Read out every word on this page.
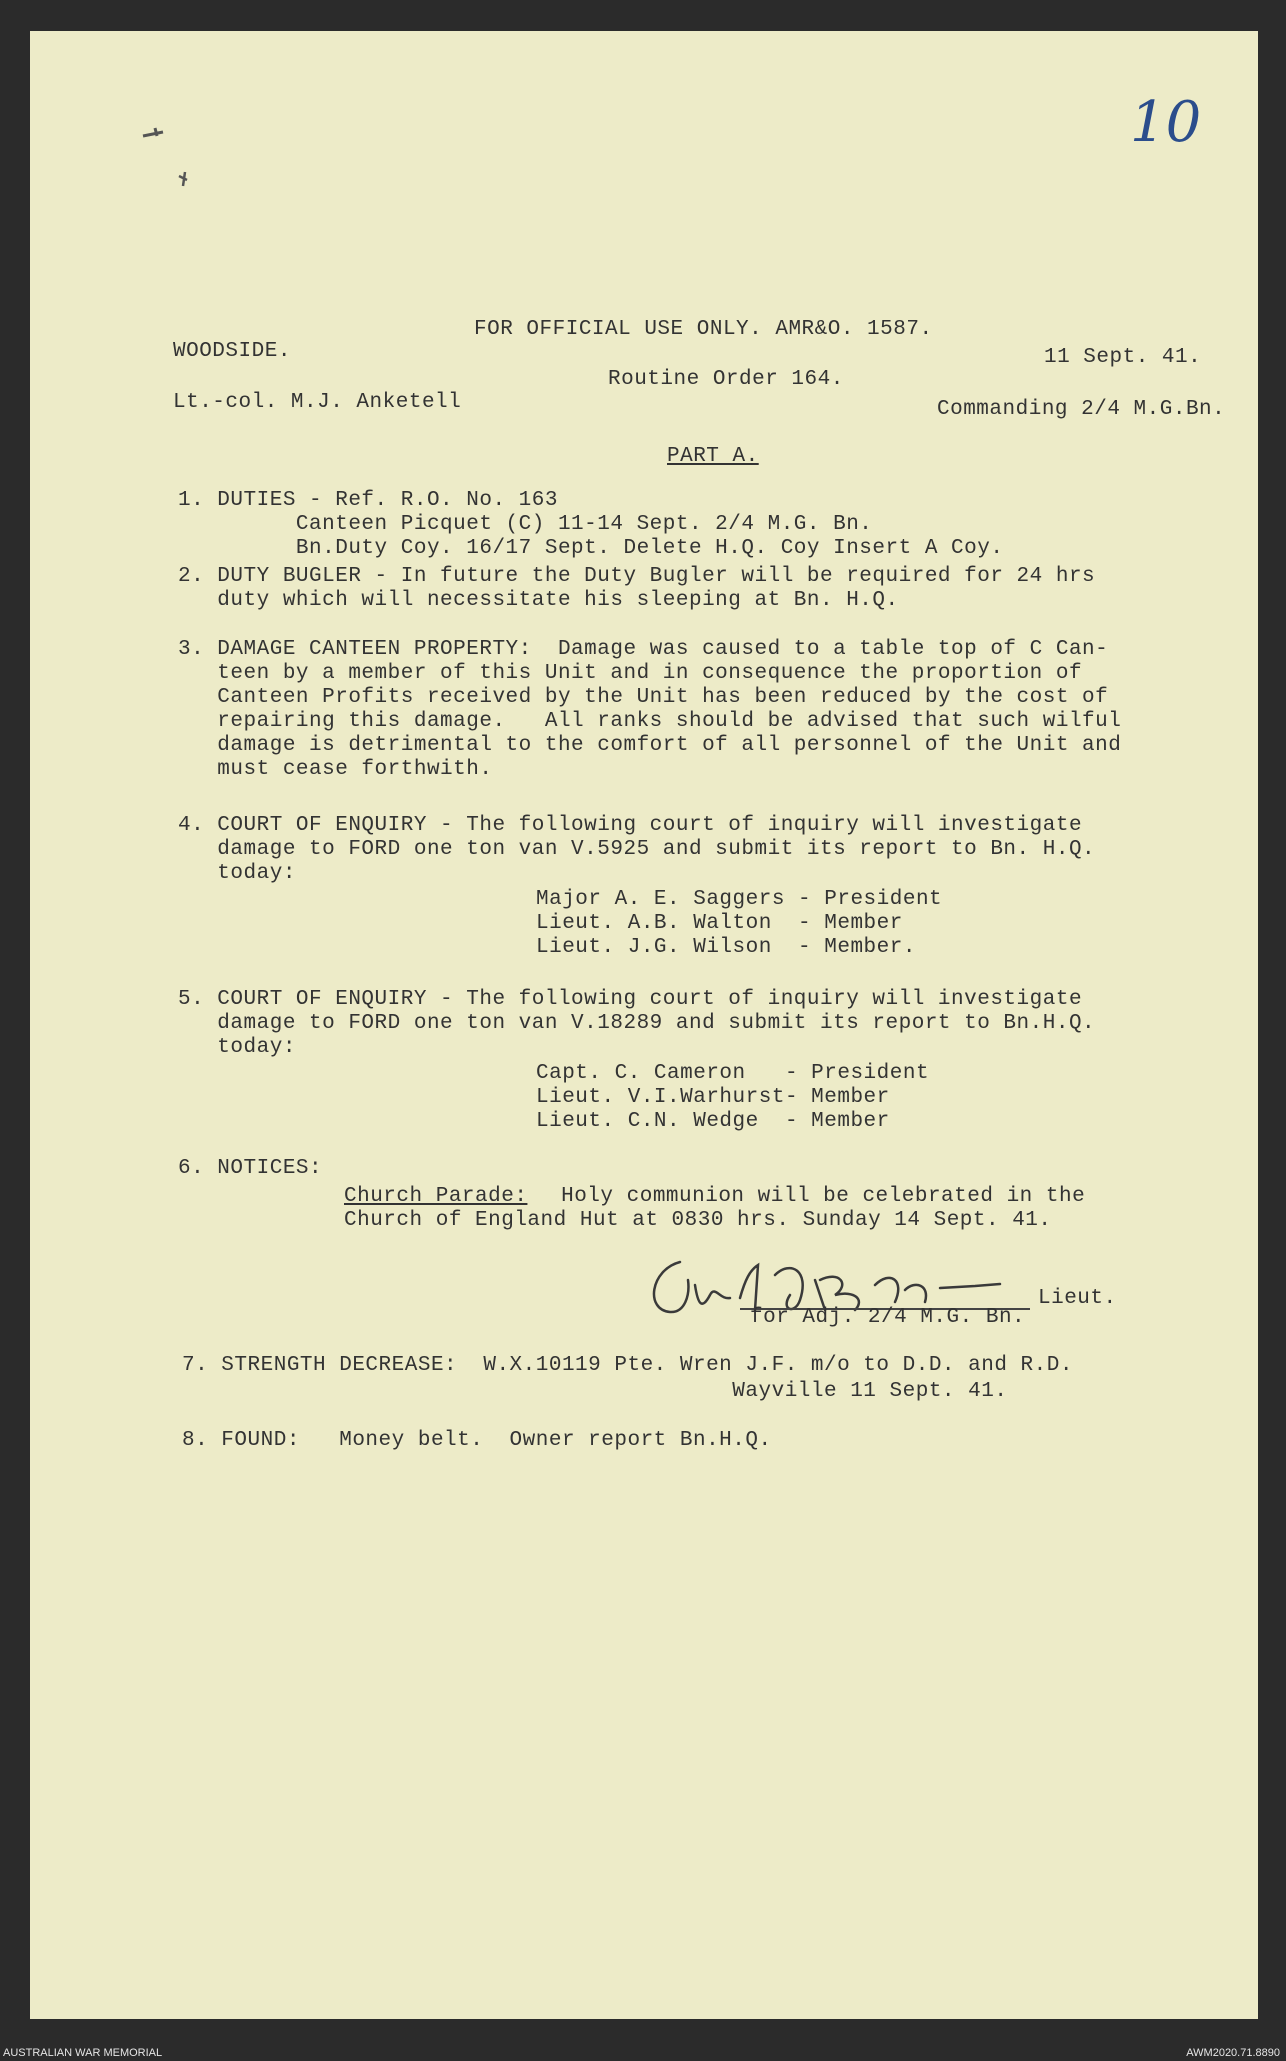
10
FOR OFFICIAL USE ONLY. AMR&O. 1587.
WOODSIDE.	11 Sept. 41.
Routine Order 164.
Lt.-col. M.J. Anketell	Commanding 2/4 M.G.Bn.
PART A.
1. DUTIES - Ref. R.O. No. 163
Canteen Picquet (C) 11-14 Sept. 2/4 M.G. Bn.
Bn.Duty Coy. 16/17 Sept. Delete H.Q. Coy Insert A Coy.
2. DUTY BUGLER - In future the Duty Bugler will be required for 24 hrs
duty which will necessitate his sleeping at Bn. H.Q.
3. DAMAGE CANTEEN PROPERTY:  Damage was caused to a table top of C Can-
teen by a member of this Unit and in consequence the proportion of
Canteen Profits received by the Unit has been reduced by the cost of
repairing this damage.   All ranks should be advised that such wilful
damage is detrimental to the comfort of all personnel of the Unit and
must cease forthwith.
4. COURT OF ENQUIRY - The following court of inquiry will investigate
damage to FORD one ton van V.5925 and submit its report to Bn. H.Q.
today:
Major A. E. Saggers - President
Lieut. A.B. Walton  - Member
Lieut. J.G. Wilson  - Member.
5. COURT OF ENQUIRY - The following court of inquiry will investigate
damage to FORD one ton van V.18289 and submit its report to Bn.H.Q.
today:
Capt. C. Cameron   - President
Lieut. V.I.Warhurst- Member
Lieut. C.N. Wedge  - Member
6. NOTICES:
Church Parade: Holy communion will be celebrated in the
Church of England Hut at 0830 hrs. Sunday 14 Sept. 41.
Lieut.
for Adj. 2/4 M.G. Bn.
7. STRENGTH DECREASE:  W.X.10119 Pte. Wren J.F. m/o to D.D. and R.D.
Wayville 11 Sept. 41.
8. FOUND:   Money belt.  Owner report Bn.H.Q.
AUSTRALIAN WAR MEMORIAL	AWM2020.71.8890
